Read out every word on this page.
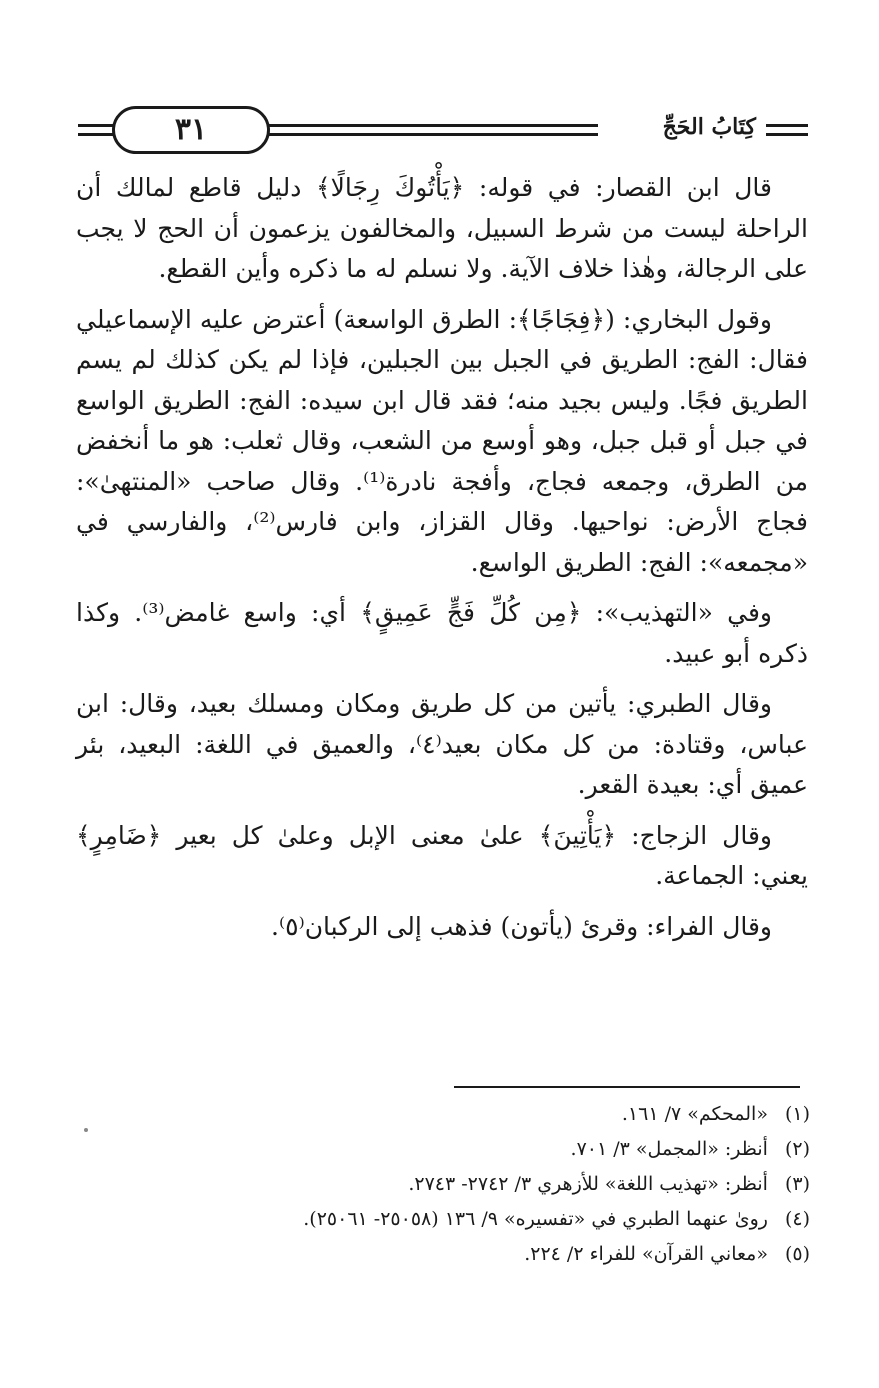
٣١	كِتَابُ الحَجِّ

قال ابن القصار: في قوله: ﴿يَأْتُوكَ رِجَالًا﴾ دليل قاطع لمالك أن الراحلة ليست من شرط السبيل، والمخالفون يزعمون أن الحج لا يجب على الرجالة، وهٰذا خلاف الآية. ولا نسلم له ما ذكره وأين القطع.

وقول البخاري: (﴿فِجَاجًا﴾: الطرق الواسعة) أعترض عليه الإسماعيلي فقال: الفج: الطريق في الجبل بين الجبلين، فإذا لم يكن كذلك لم يسم الطريق فجًا. وليس بجيد منه؛ فقد قال ابن سيده: الفج: الطريق الواسع في جبل أو قبل جبل، وهو أوسع من الشعب، وقال ثعلب: هو ما أنخفض من الطرق، وجمعه فجاج، وأفجة نادرة⁽¹⁾. وقال صاحب «المنتهىٰ»: فجاج الأرض: نواحيها. وقال القزاز، وابن فارس⁽²⁾، والفارسي في «مجمعه»: الفج: الطريق الواسع.

وفي «التهذيب»: ﴿مِن كُلِّ فَجٍّ عَمِيقٍ﴾ أي: واسع غامض⁽³⁾. وكذا ذكره أبو عبيد.

وقال الطبري: يأتين من كل طريق ومكان ومسلك بعيد، وقال: ابن عباس، وقتادة: من كل مكان بعيد⁽٤⁾، والعميق في اللغة: البعيد، بئر عميق أي: بعيدة القعر.

وقال الزجاج: ﴿يَأْتِينَ﴾ علىٰ معنى الإبل وعلىٰ كل بعير ﴿ضَامِرٍ﴾ يعني: الجماعة.

وقال الفراء: وقرئ (يأتون) فذهب إلى الركبان⁽٥⁾.

(١) «المحكم» ٧/ ١٦١.
(٢) أنظر: «المجمل» ٣/ ٧٠١.
(٣) أنظر: «تهذيب اللغة» للأزهري ٣/ ٢٧٤٢- ٢٧٤٣.
(٤) روىٰ عنهما الطبري في «تفسيره» ٩/ ١٣٦ (٢٥٠٥٨- ٢٥٠٦١).
(٥) «معاني القرآن» للفراء ٢/ ٢٢٤.
